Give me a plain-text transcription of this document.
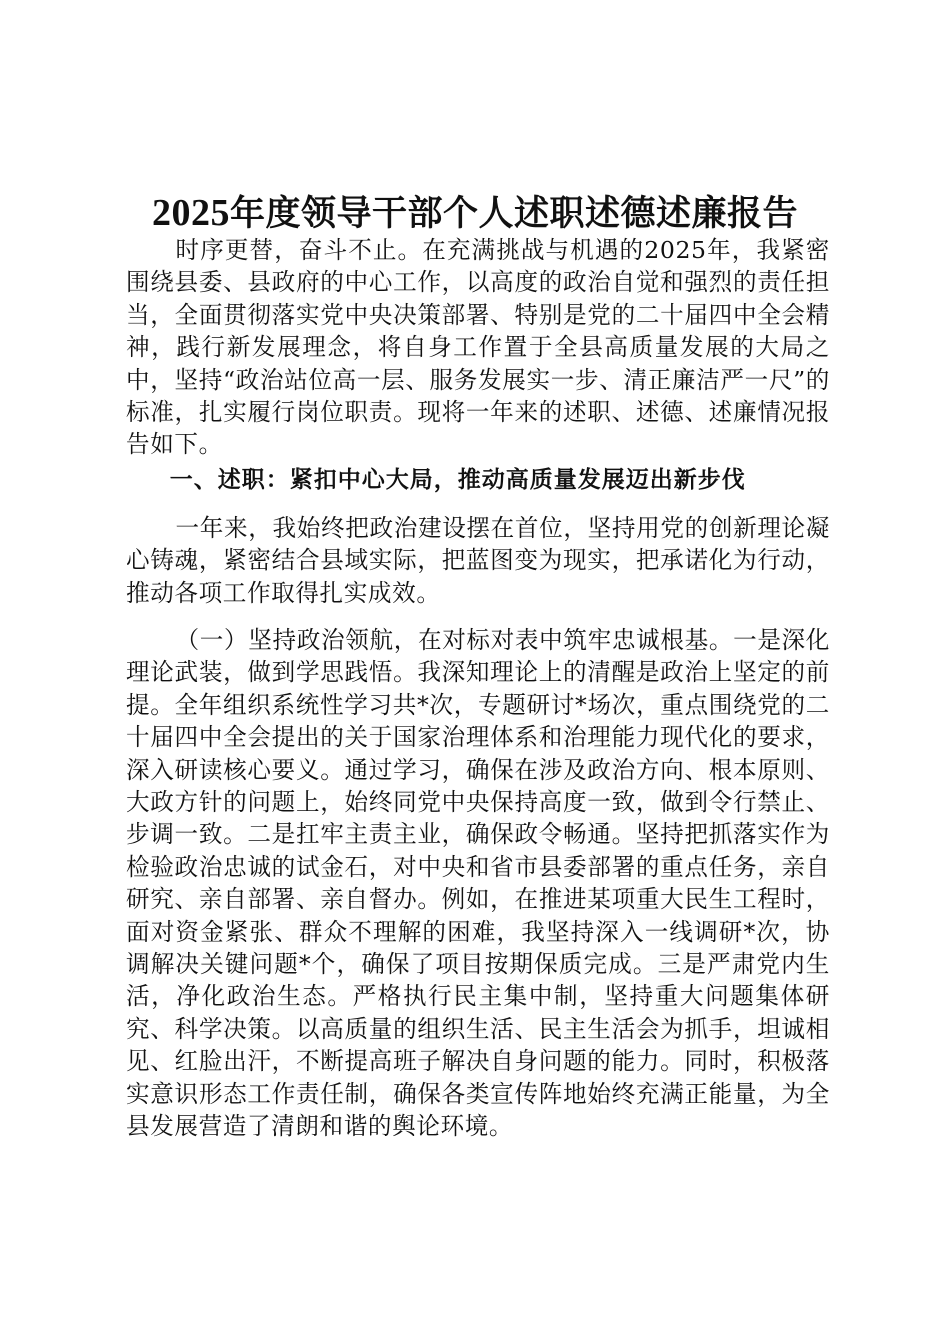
2025年度领导干部个人述职述德述廉报告

时序更替，奋斗不止。在充满挑战与机遇的2025年，我紧密围绕县委、县政府的中心工作，以高度的政治自觉和强烈的责任担当，全面贯彻落实党中央决策部署、特别是党的二十届四中全会精神，践行新发展理念，将自身工作置于全县高质量发展的大局之中，坚持“政治站位高一层、服务发展实一步、清正廉洁严一尺”的标准，扎实履行岗位职责。现将一年来的述职、述德、述廉情况报告如下。

一、述职：紧扣中心大局，推动高质量发展迈出新步伐

一年来，我始终把政治建设摆在首位，坚持用党的创新理论凝心铸魂，紧密结合县域实际，把蓝图变为现实，把承诺化为行动，推动各项工作取得扎实成效。

（一）坚持政治领航，在对标对表中筑牢忠诚根基。一是深化理论武装，做到学思践悟。我深知理论上的清醒是政治上坚定的前提。全年组织系统性学习共*次，专题研讨*场次，重点围绕党的二十届四中全会提出的关于国家治理体系和治理能力现代化的要求，深入研读核心要义。通过学习，确保在涉及政治方向、根本原则、大政方针的问题上，始终同党中央保持高度一致，做到令行禁止、步调一致。二是扛牢主责主业，确保政令畅通。坚持把抓落实作为检验政治忠诚的试金石，对中央和省市县委部署的重点任务，亲自研究、亲自部署、亲自督办。例如，在推进某项重大民生工程时，面对资金紧张、群众不理解的困难，我坚持深入一线调研*次，协调解决关键问题*个，确保了项目按期保质完成。三是严肃党内生活，净化政治生态。严格执行民主集中制，坚持重大问题集体研究、科学决策。以高质量的组织生活、民主生活会为抓手，坦诚相见、红脸出汗，不断提高班子解决自身问题的能力。同时，积极落实意识形态工作责任制，确保各类宣传阵地始终充满正能量，为全县发展营造了清朗和谐的舆论环境。
